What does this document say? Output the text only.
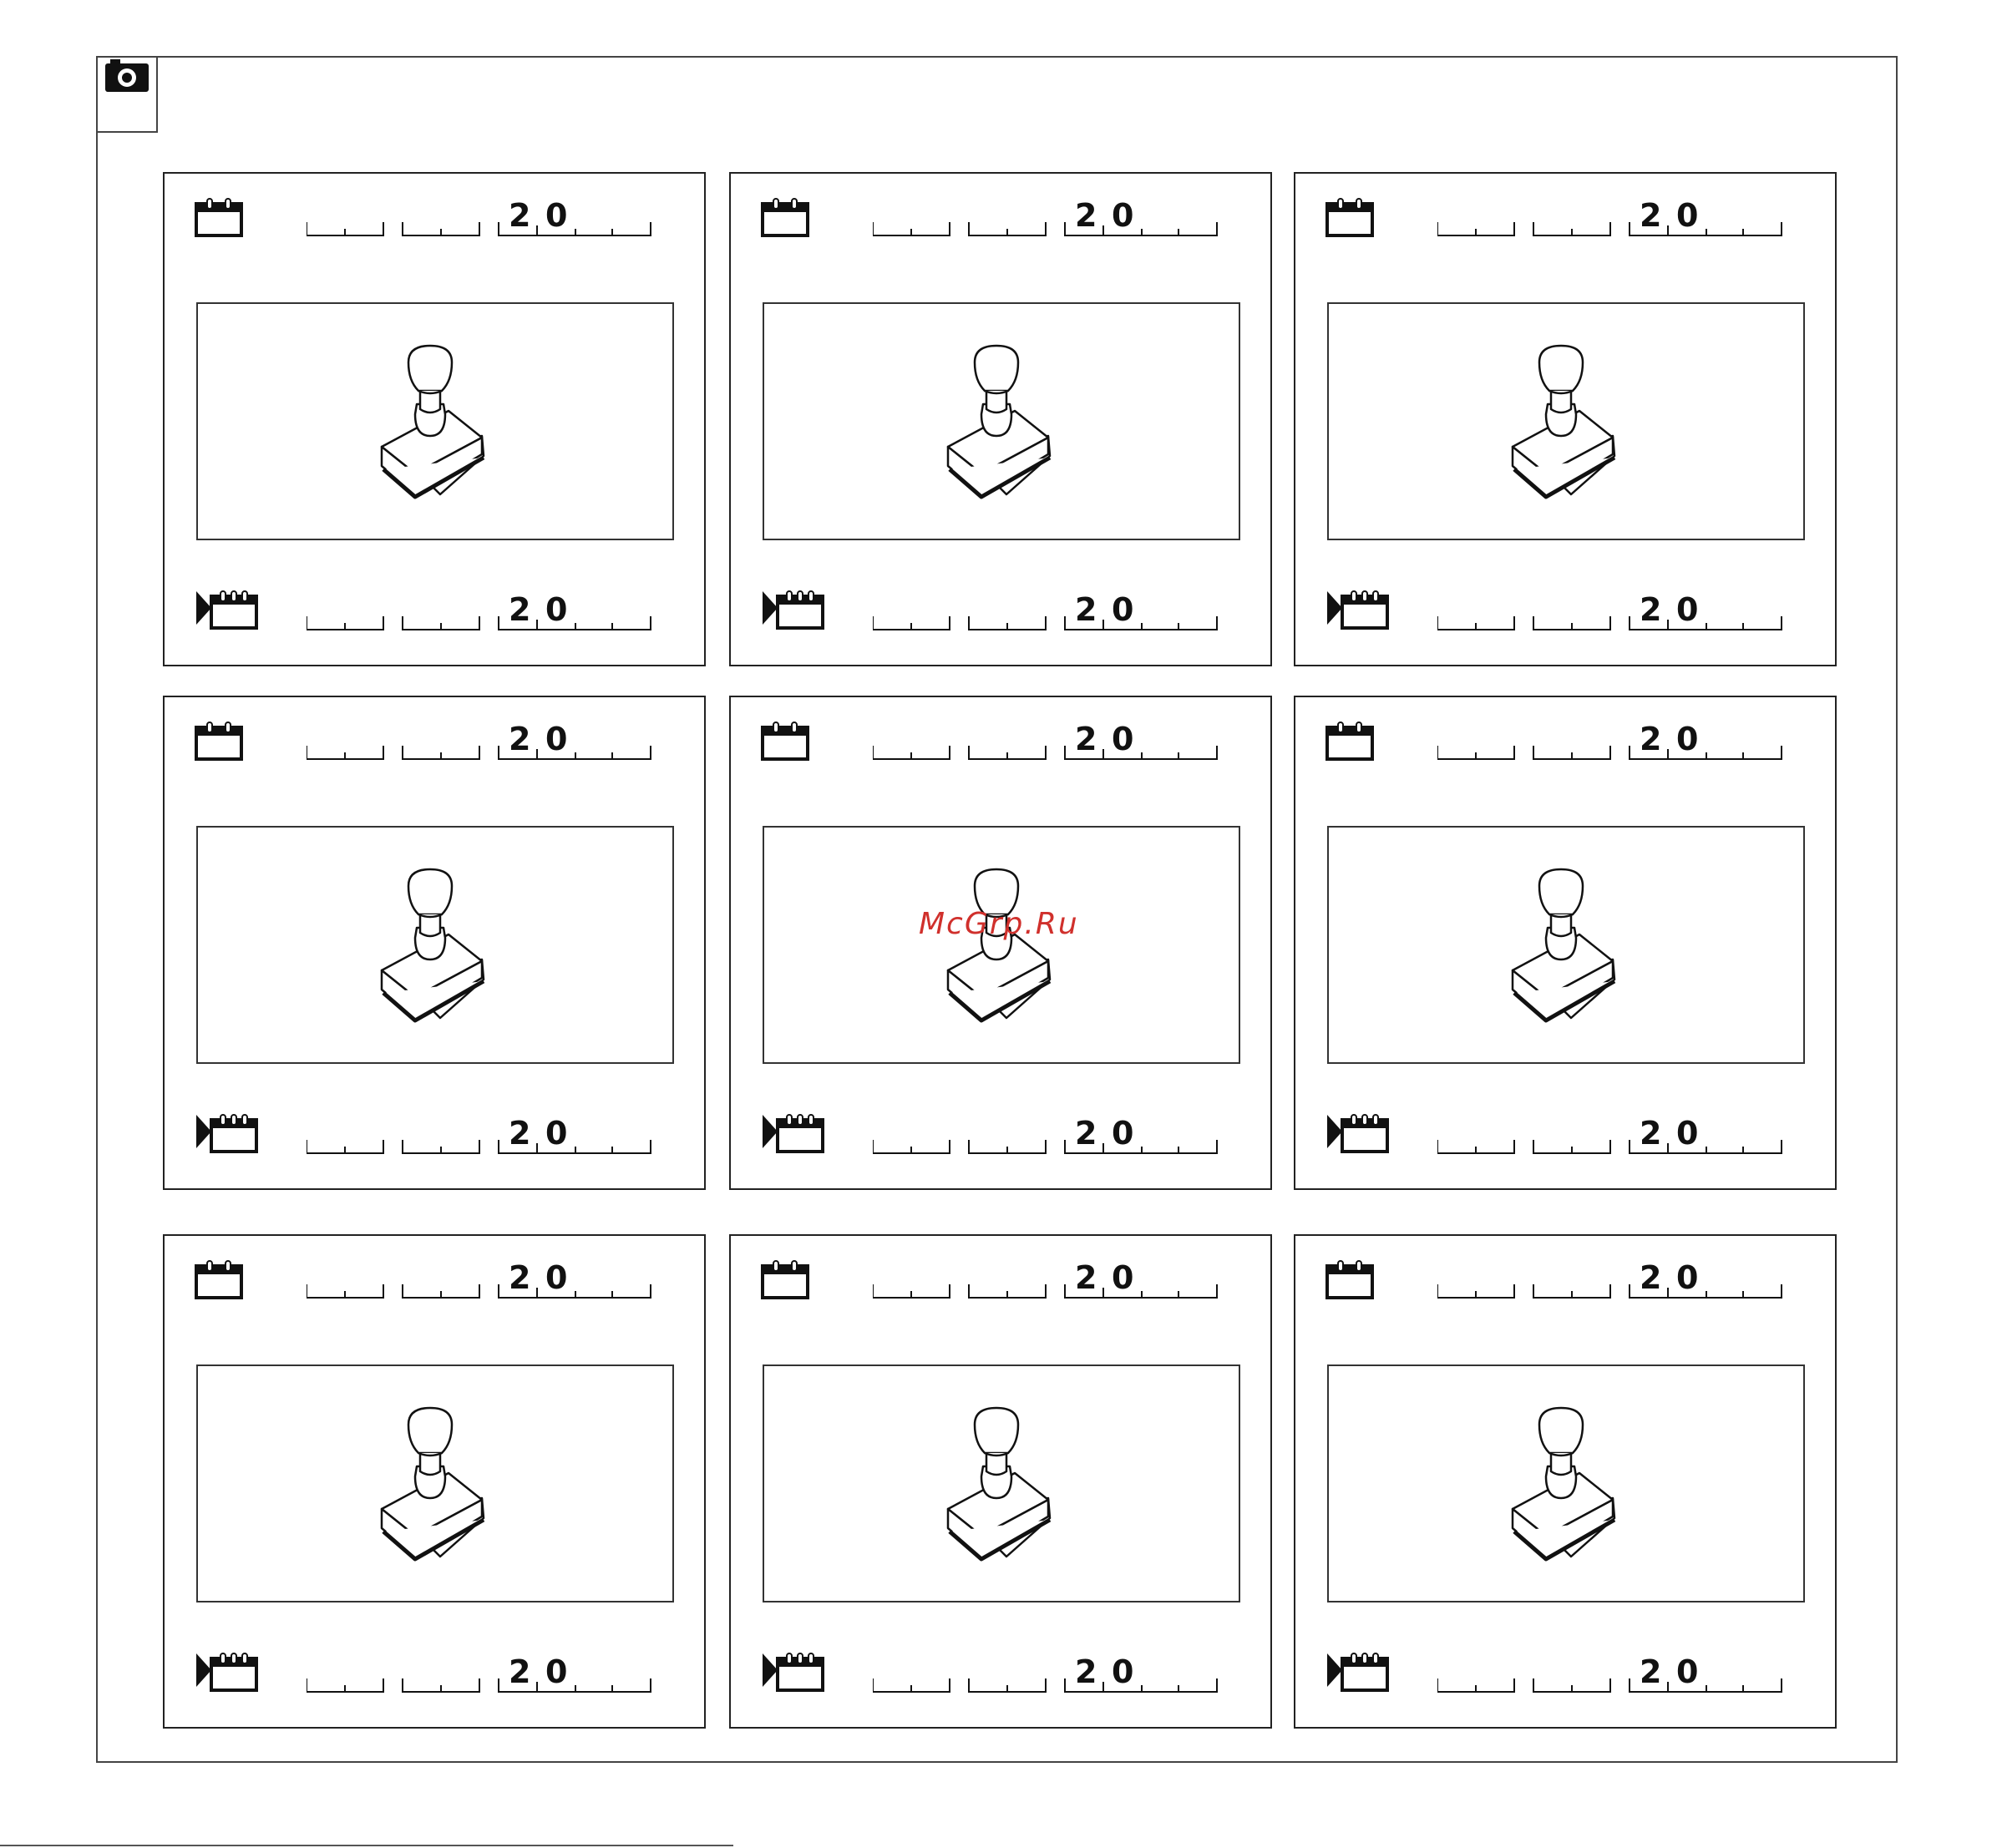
2 0
2 0
2 0
2 0
2 0
2 0
2 0
2 0
2 0
2 0
2 0
2 0
2 0
2 0
2 0
2 0
2 0
2 0
McGrp.Ru
